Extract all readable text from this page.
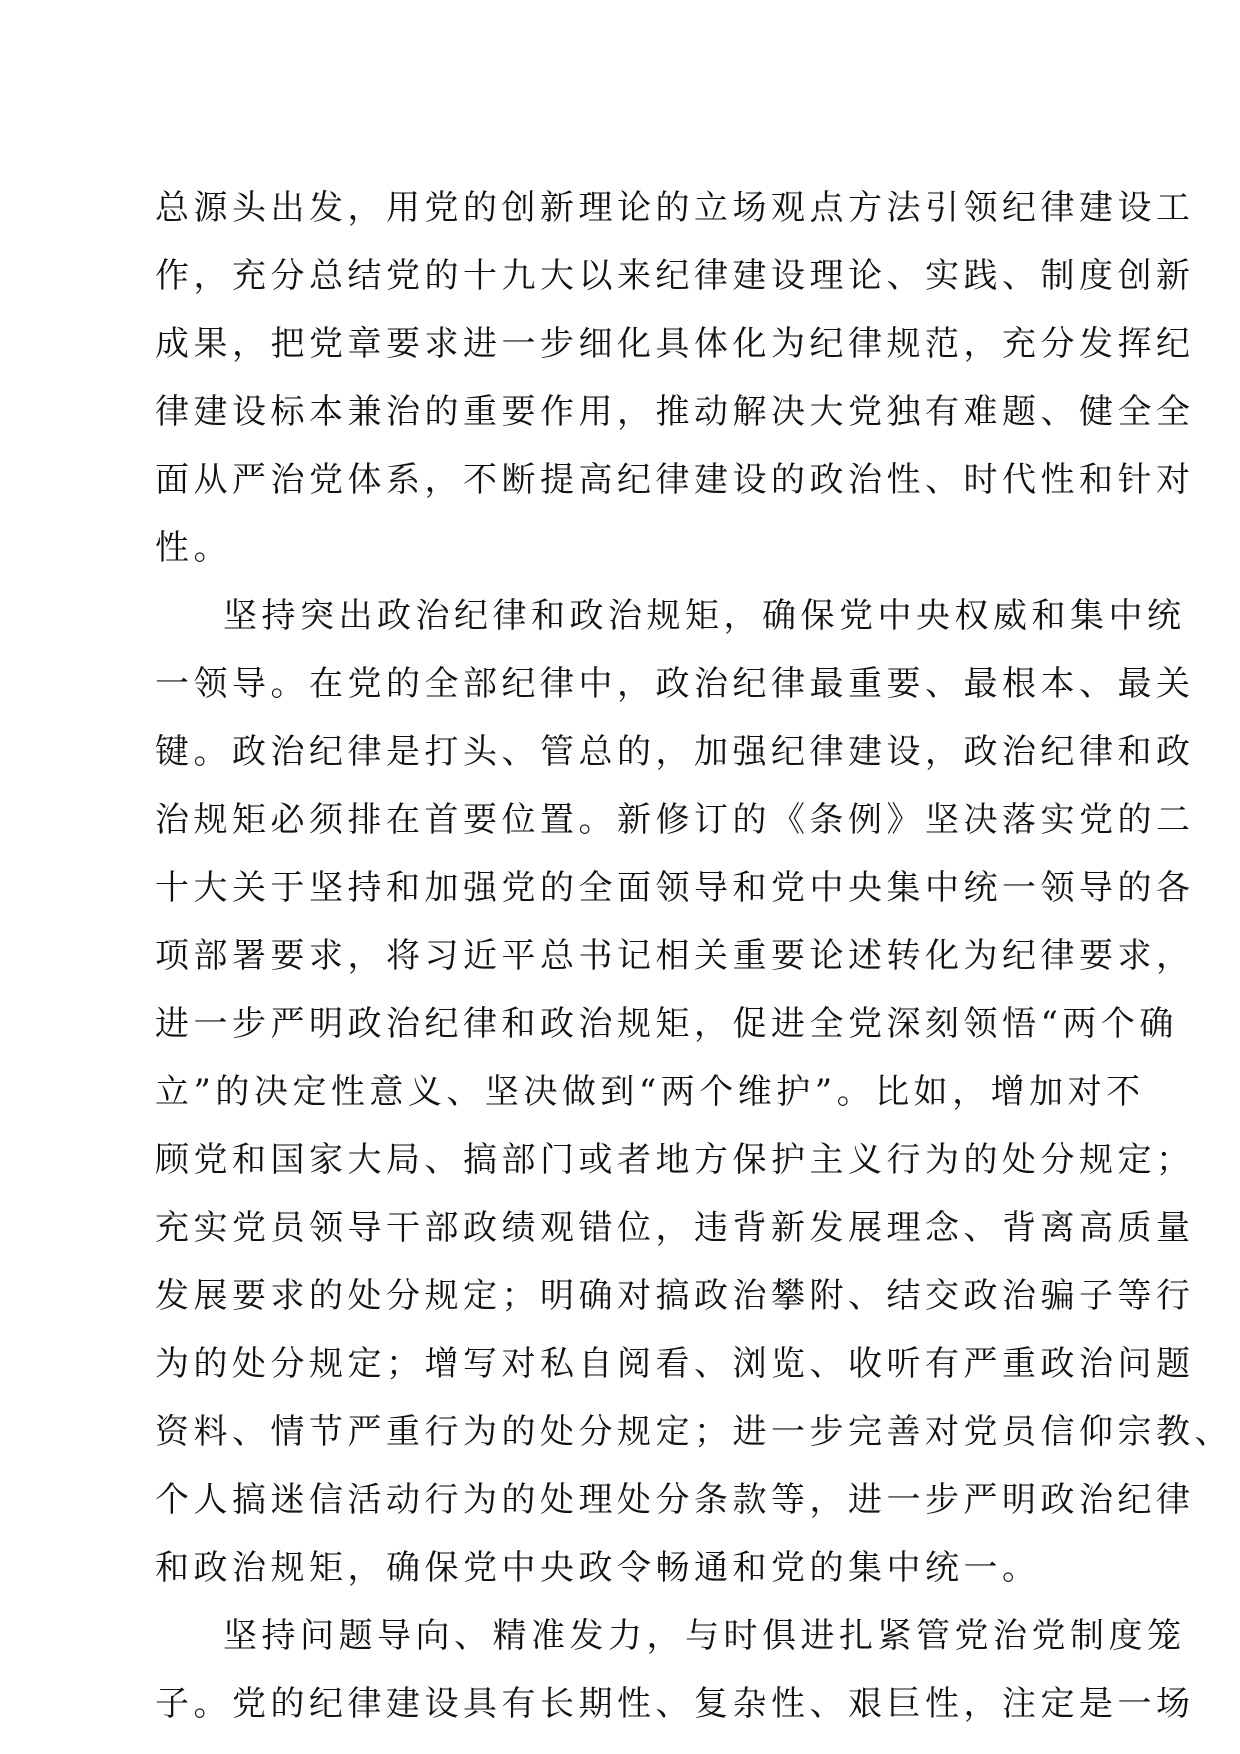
总源头出发，用党的创新理论的立场观点方法引领纪律建设工
作，充分总结党的十九大以来纪律建设理论、实践、制度创新
成果，把党章要求进一步细化具体化为纪律规范，充分发挥纪
律建设标本兼治的重要作用，推动解决大党独有难题、健全全
面从严治党体系，不断提高纪律建设的政治性、时代性和针对
性。
坚持突出政治纪律和政治规矩，确保党中央权威和集中统
一领导。在党的全部纪律中，政治纪律最重要、最根本、最关
键。政治纪律是打头、管总的，加强纪律建设，政治纪律和政
治规矩必须排在首要位置。新修订的《条例》坚决落实党的二
十大关于坚持和加强党的全面领导和党中央集中统一领导的各
项部署要求，将习近平总书记相关重要论述转化为纪律要求，
进一步严明政治纪律和政治规矩，促进全党深刻领悟“两个确
立”的决定性意义、坚决做到“两个维护”。比如，增加对不
顾党和国家大局、搞部门或者地方保护主义行为的处分规定；
充实党员领导干部政绩观错位，违背新发展理念、背离高质量
发展要求的处分规定；明确对搞政治攀附、结交政治骗子等行
为的处分规定；增写对私自阅看、浏览、收听有严重政治问题
资料、情节严重行为的处分规定；进一步完善对党员信仰宗教、
个人搞迷信活动行为的处理处分条款等，进一步严明政治纪律
和政治规矩，确保党中央政令畅通和党的集中统一。
坚持问题导向、精准发力，与时俱进扎紧管党治党制度笼
子。党的纪律建设具有长期性、复杂性、艰巨性，注定是一场
